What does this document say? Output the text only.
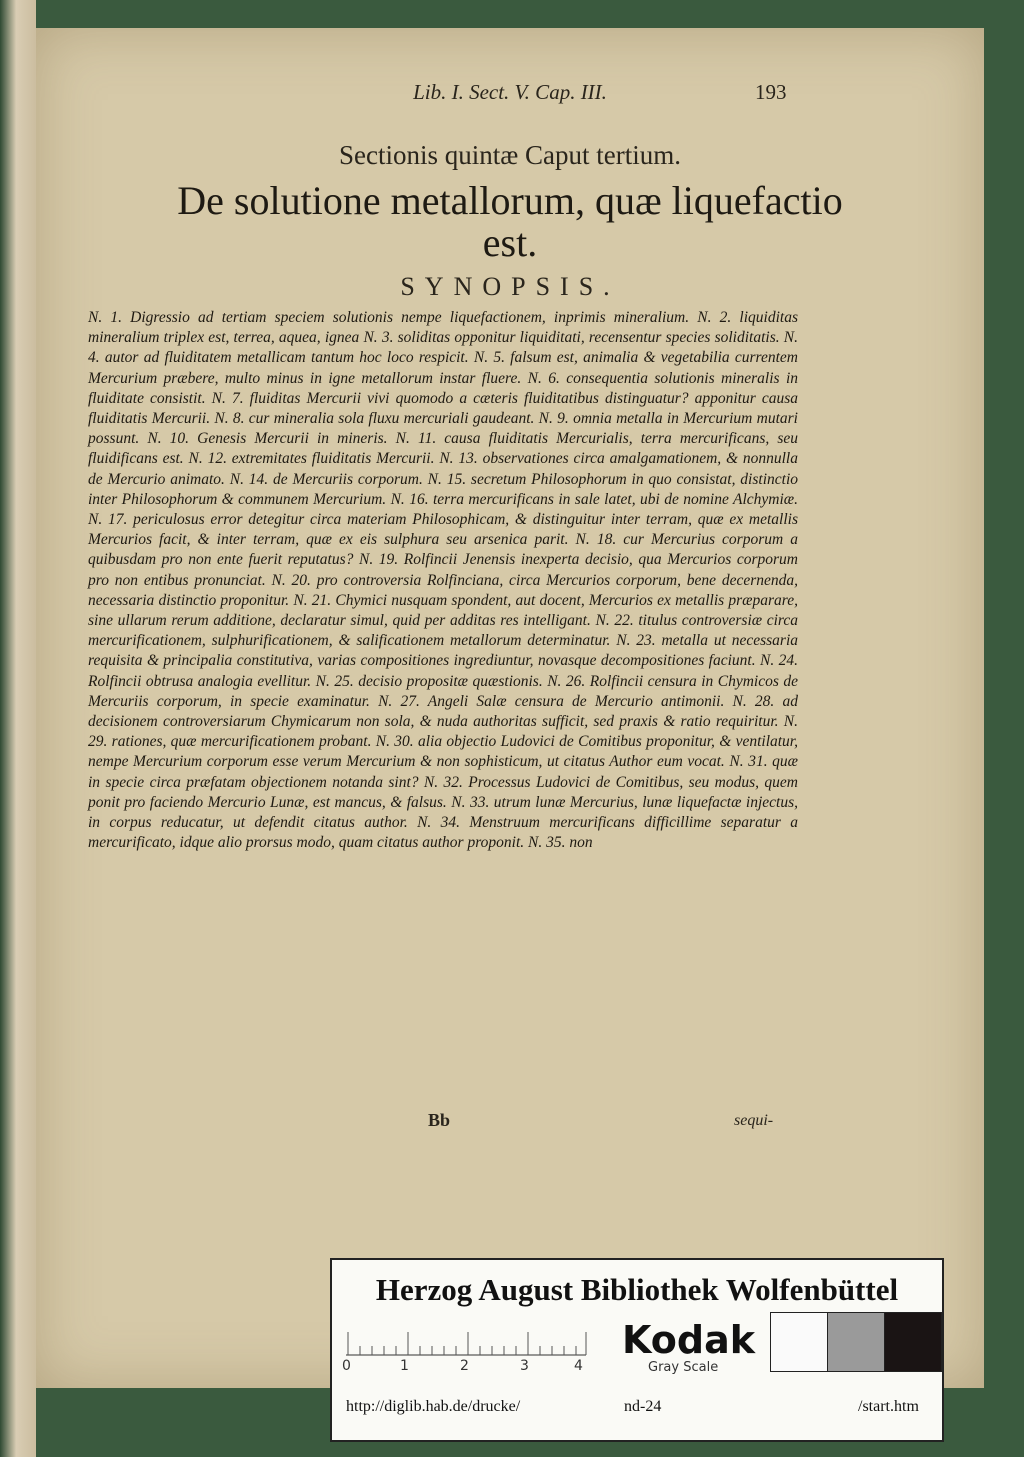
Lib. I. Sect. V. Cap. III.	193
Sectionis quintæ Caput tertium.
De solutione metallorum, quæ liquefactio
est.
SYNOPSIS.
N. 1. Digressio ad tertiam speciem solutionis nempe liquefactionem, inprimis mineralium. N. 2. liquiditas mineralium triplex est, terrea, aquea, ignea N. 3. soliditas opponitur liquiditati, recensentur species soliditatis. N. 4. autor ad fluiditatem metallicam tantum hoc loco respicit. N. 5. falsum est, animalia & vegetabilia currentem Mercurium præbere, multo minus in igne metallorum instar fluere. N. 6. consequentia solutionis mineralis in fluiditate consistit. N. 7. fluiditas Mercurii vivi quomodo a cæteris fluiditatibus distinguatur? apponitur causa fluiditatis Mercurii. N. 8. cur mineralia sola fluxu mercuriali gaudeant. N. 9. omnia metalla in Mercurium mutari possunt. N. 10. Genesis Mercurii in mineris. N. 11. causa fluiditatis Mercurialis, terra mercurificans, seu fluidificans est. N. 12. extremitates fluiditatis Mercurii. N. 13. observationes circa amalgamationem, & nonnulla de Mercurio animato. N. 14. de Mercuriis corporum. N. 15. secretum Philosophorum in quo consistat, distinctio inter Philosophorum & communem Mercurium. N. 16. terra mercurificans in sale latet, ubi de nomine Alchymiæ. N. 17. periculosus error detegitur circa materiam Philosophicam, & distinguitur inter terram, quæ ex metallis Mercurios facit, & inter terram, quæ ex eis sulphura seu arsenica parit. N. 18. cur Mercurius corporum a quibusdam pro non ente fuerit reputatus? N. 19. Rolfincii Jenensis inexperta decisio, qua Mercurios corporum pro non entibus pronunciat. N. 20. pro controversia Rolfinciana, circa Mercurios corporum, bene decernenda, necessaria distinctio proponitur. N. 21. Chymici nusquam spondent, aut docent, Mercurios ex metallis præparare, sine ullarum rerum additione, declaratur simul, quid per additas res intelligant. N. 22. titulus controversiæ circa mercurificationem, sulphurificationem, & salificationem metallorum determinatur. N. 23. metalla ut necessaria requisita & principalia constitutiva, varias compositiones ingrediuntur, novasque decompositiones faciunt. N. 24. Rolfincii obtrusa analogia evellitur. N. 25. decisio propositæ quæstionis. N. 26. Rolfincii censura in Chymicos de Mercuriis corporum, in specie examinatur. N. 27. Angeli Salæ censura de Mercurio antimonii. N. 28. ad decisionem controversiarum Chymicarum non sola, & nuda authoritas sufficit, sed praxis & ratio requiritur. N. 29. rationes, quæ mercurificationem probant. N. 30. alia objectio Ludovici de Comitibus proponitur, & ventilatur, nempe Mercurium corporum esse verum Mercurium & non sophisticum, ut citatus Author eum vocat. N. 31. quæ in specie circa præfatam objectionem notanda sint? N. 32. Processus Ludovici de Comitibus, seu modus, quem ponit pro faciendo Mercurio Lunæ, est mancus, & falsus. N. 33. utrum lunæ Mercurius, lunæ liquefactæ injectus, in corpus reducatur, ut defendit citatus author. N. 34. Menstruum mercurificans difficillime separatur a mercurificato, idque alio prorsus modo, quam citatus author proponit. N. 35. non
Bb	sequi-
Herzog August Bibliothek Wolfenbüttel
0	1	2	3	4
Kodak
Gray Scale
http://diglib.hab.de/drucke/	nd-24	/start.htm
